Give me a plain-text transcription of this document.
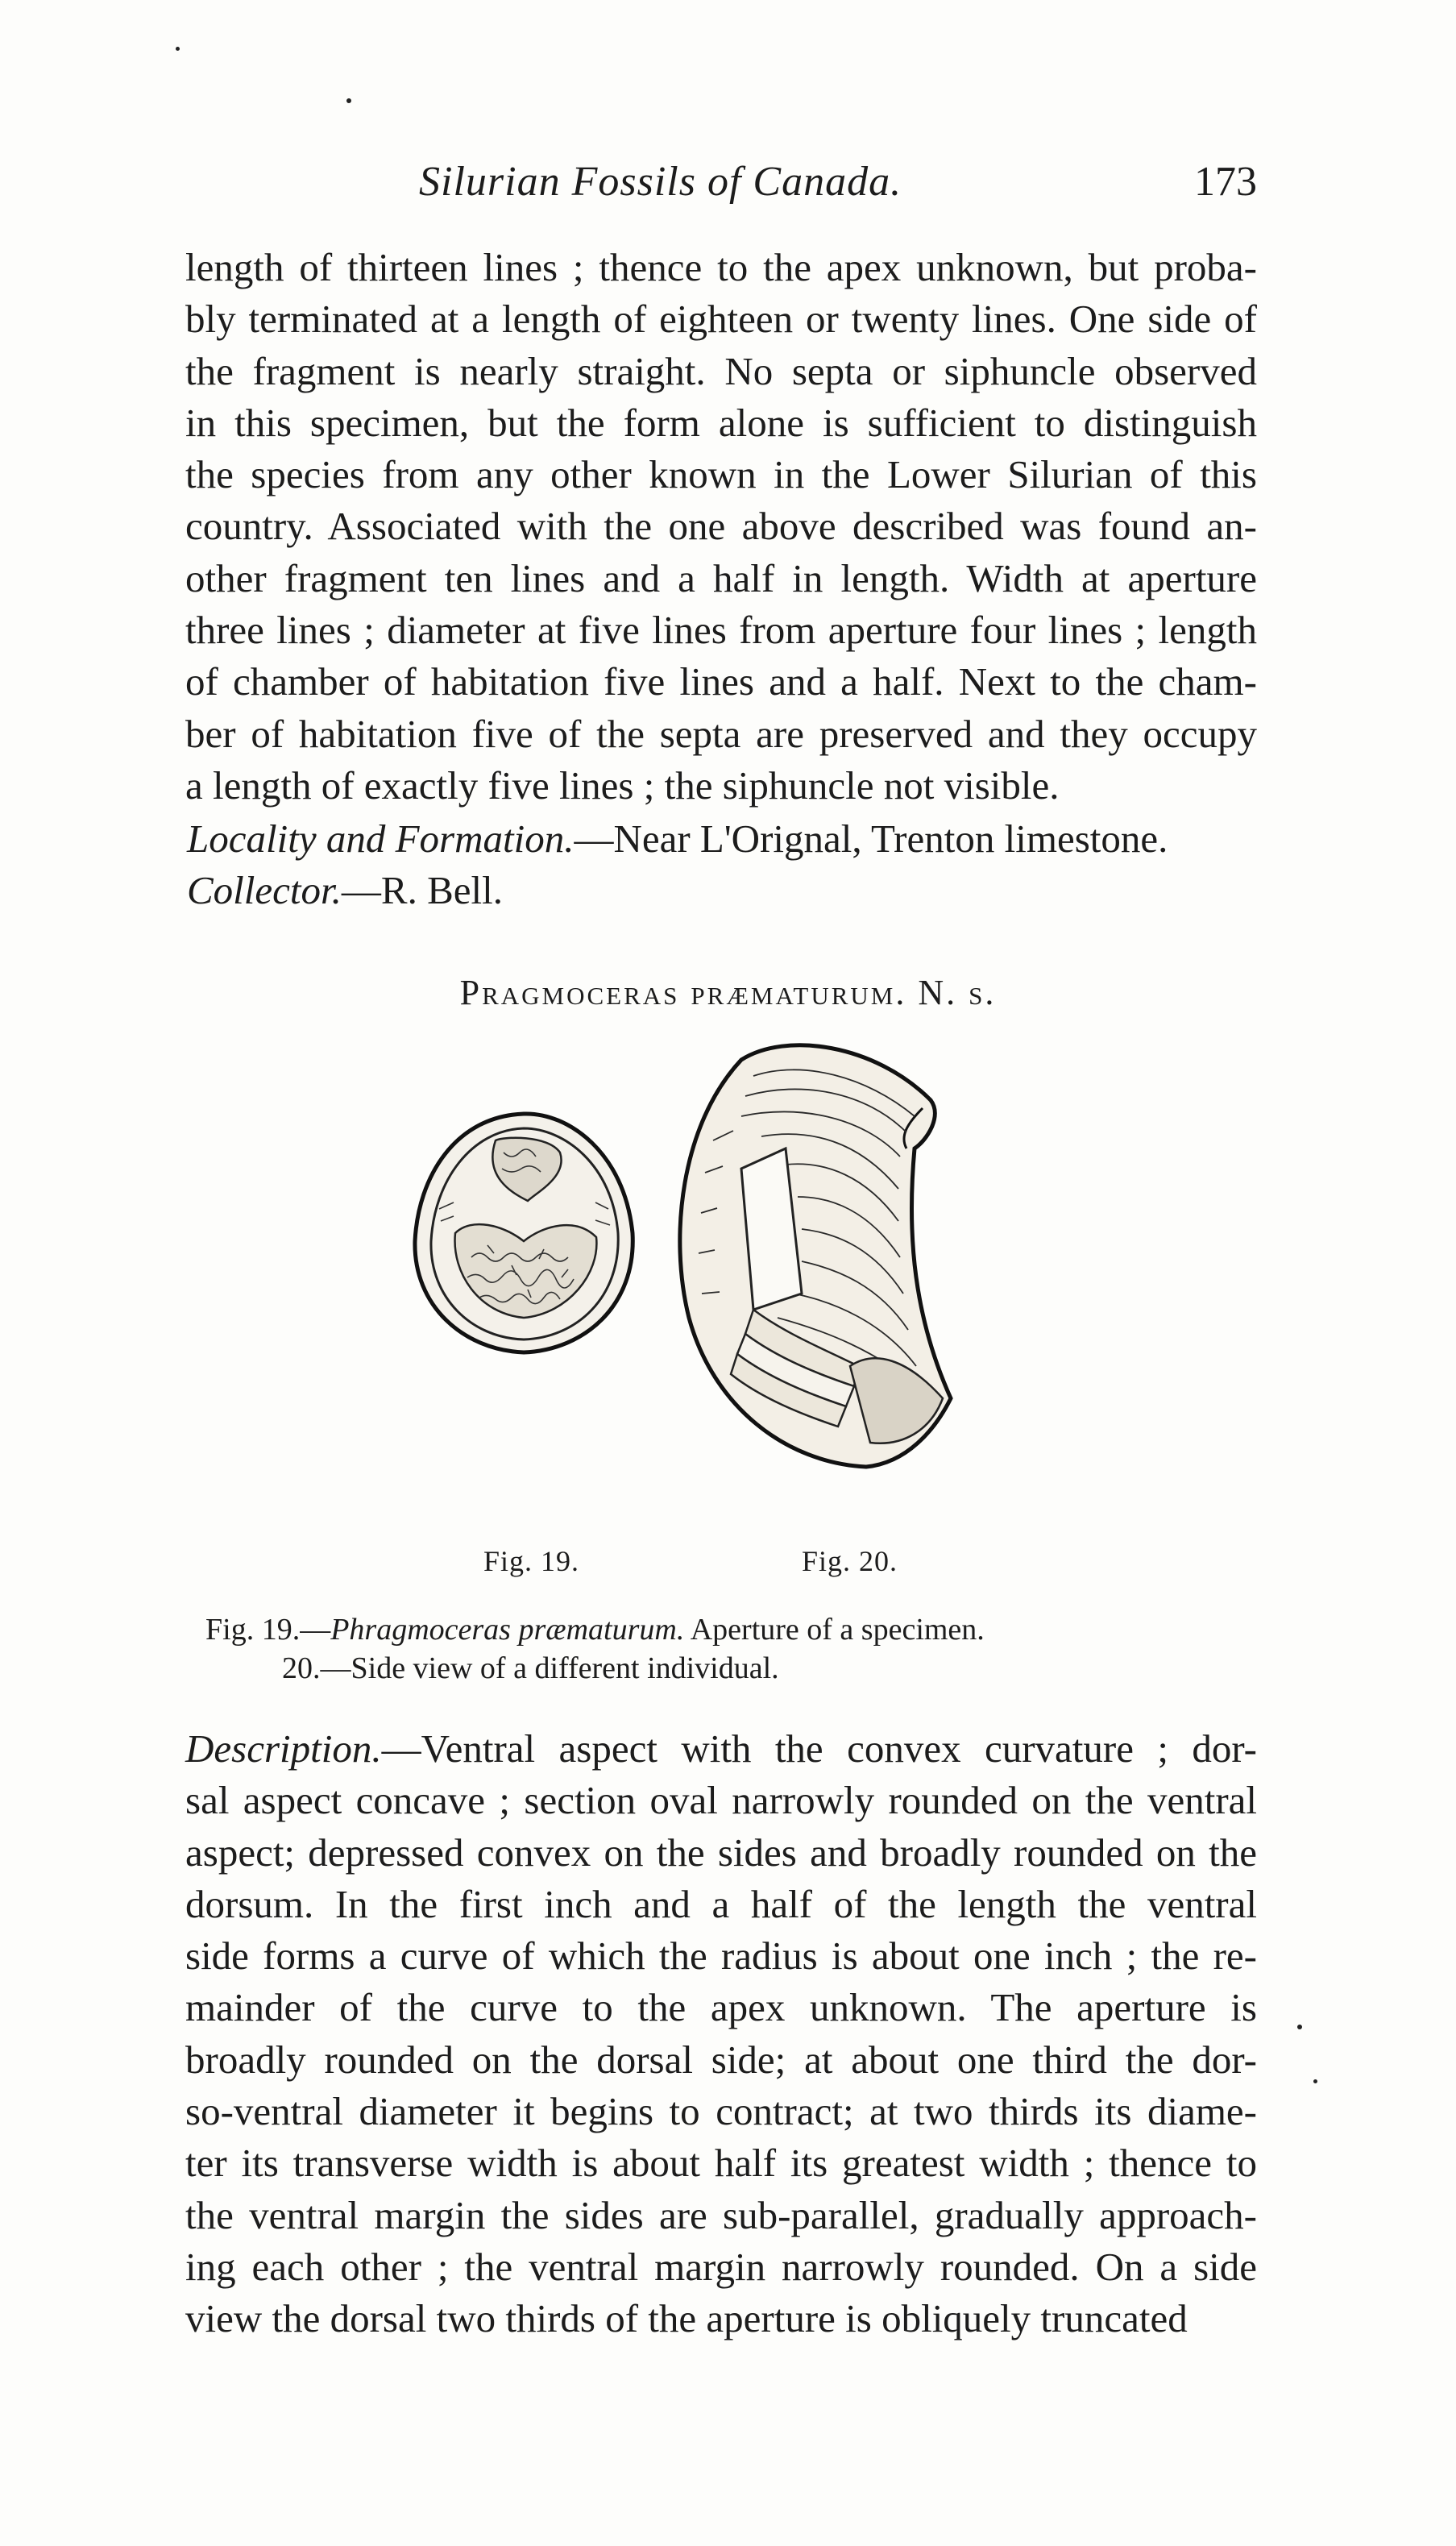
Silurian Fossils of Canada.	173
length of thirteen lines ; thence to the apex unknown, but proba-
bly terminated at a length of eighteen or twenty lines. One side of
the fragment is nearly straight. No septa or siphuncle observed
in this specimen, but the form alone is sufficient to distinguish
the species from any other known in the Lower Silurian of this
country. Associated with the one above described was found an-
other fragment ten lines and a half in length. Width at aperture
three lines ; diameter at five lines from aperture four lines ; length
of chamber of habitation five lines and a half. Next to the cham-
ber of habitation five of the septa are preserved and they occupy
a length of exactly five lines ; the siphuncle not visible.
Locality and Formation.—Near L'Orignal, Trenton limestone.
Collector.—R. Bell.
Pragmoceras præmaturum. N. s.
Fig. 19.	Fig. 20.
Fig. 19.—Phragmoceras præmaturum. Aperture of a specimen.
20.—Side view of a different individual.
Description.—Ventral aspect with the convex curvature ; dor-
sal aspect concave ; section oval narrowly rounded on the ventral
aspect; depressed convex on the sides and broadly rounded on the
dorsum. In the first inch and a half of the length the ventral
side forms a curve of which the radius is about one inch ; the re-
mainder of the curve to the apex unknown. The aperture is
broadly rounded on the dorsal side; at about one third the dor-
so-ventral diameter it begins to contract; at two thirds its diame-
ter its transverse width is about half its greatest width ; thence to
the ventral margin the sides are sub-parallel, gradually approach-
ing each other ; the ventral margin narrowly rounded. On a side
view the dorsal two thirds of the aperture is obliquely truncated
